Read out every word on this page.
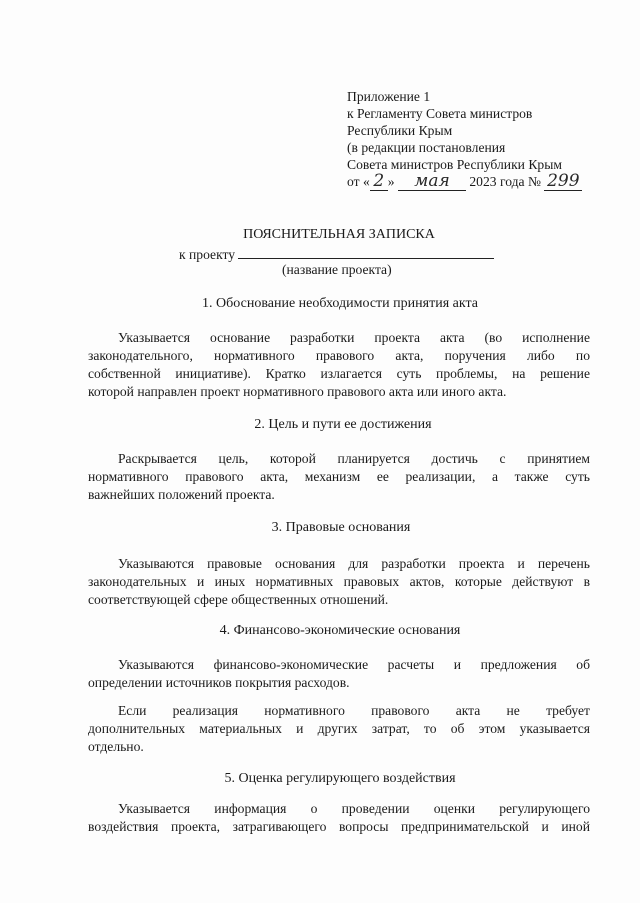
Приложение 1
к Регламенту Совета министров
Республики Крым
(в редакции постановления
Совета министров Республики Крым
от « 2 » мая 2023 года № 299
ПОЯСНИТЕЛЬНАЯ ЗАПИСКА
к проекту
(название проекта)
1. Обоснование необходимости принятия акта
Указывается основание разработки проекта акта (во исполнение
законодательного, нормативного правового акта, поручения либо по
собственной инициативе). Кратко излагается суть проблемы, на решение
которой направлен проект нормативного правового акта или иного акта.
2. Цель и пути ее достижения
Раскрывается цель, которой планируется достичь с принятием
нормативного правового акта, механизм ее реализации, а также суть
важнейших положений проекта.
3. Правовые основания
Указываются правовые основания для разработки проекта и перечень
законодательных и иных нормативных правовых актов, которые действуют в
соответствующей сфере общественных отношений.
4. Финансово-экономические основания
Указываются финансово-экономические расчеты и предложения об
определении источников покрытия расходов.
Если реализация нормативного правового акта не требует
дополнительных материальных и других затрат, то об этом указывается
отдельно.
5. Оценка регулирующего воздействия
Указывается информация о проведении оценки регулирующего
воздействия проекта, затрагивающего вопросы предпринимательской и иной
